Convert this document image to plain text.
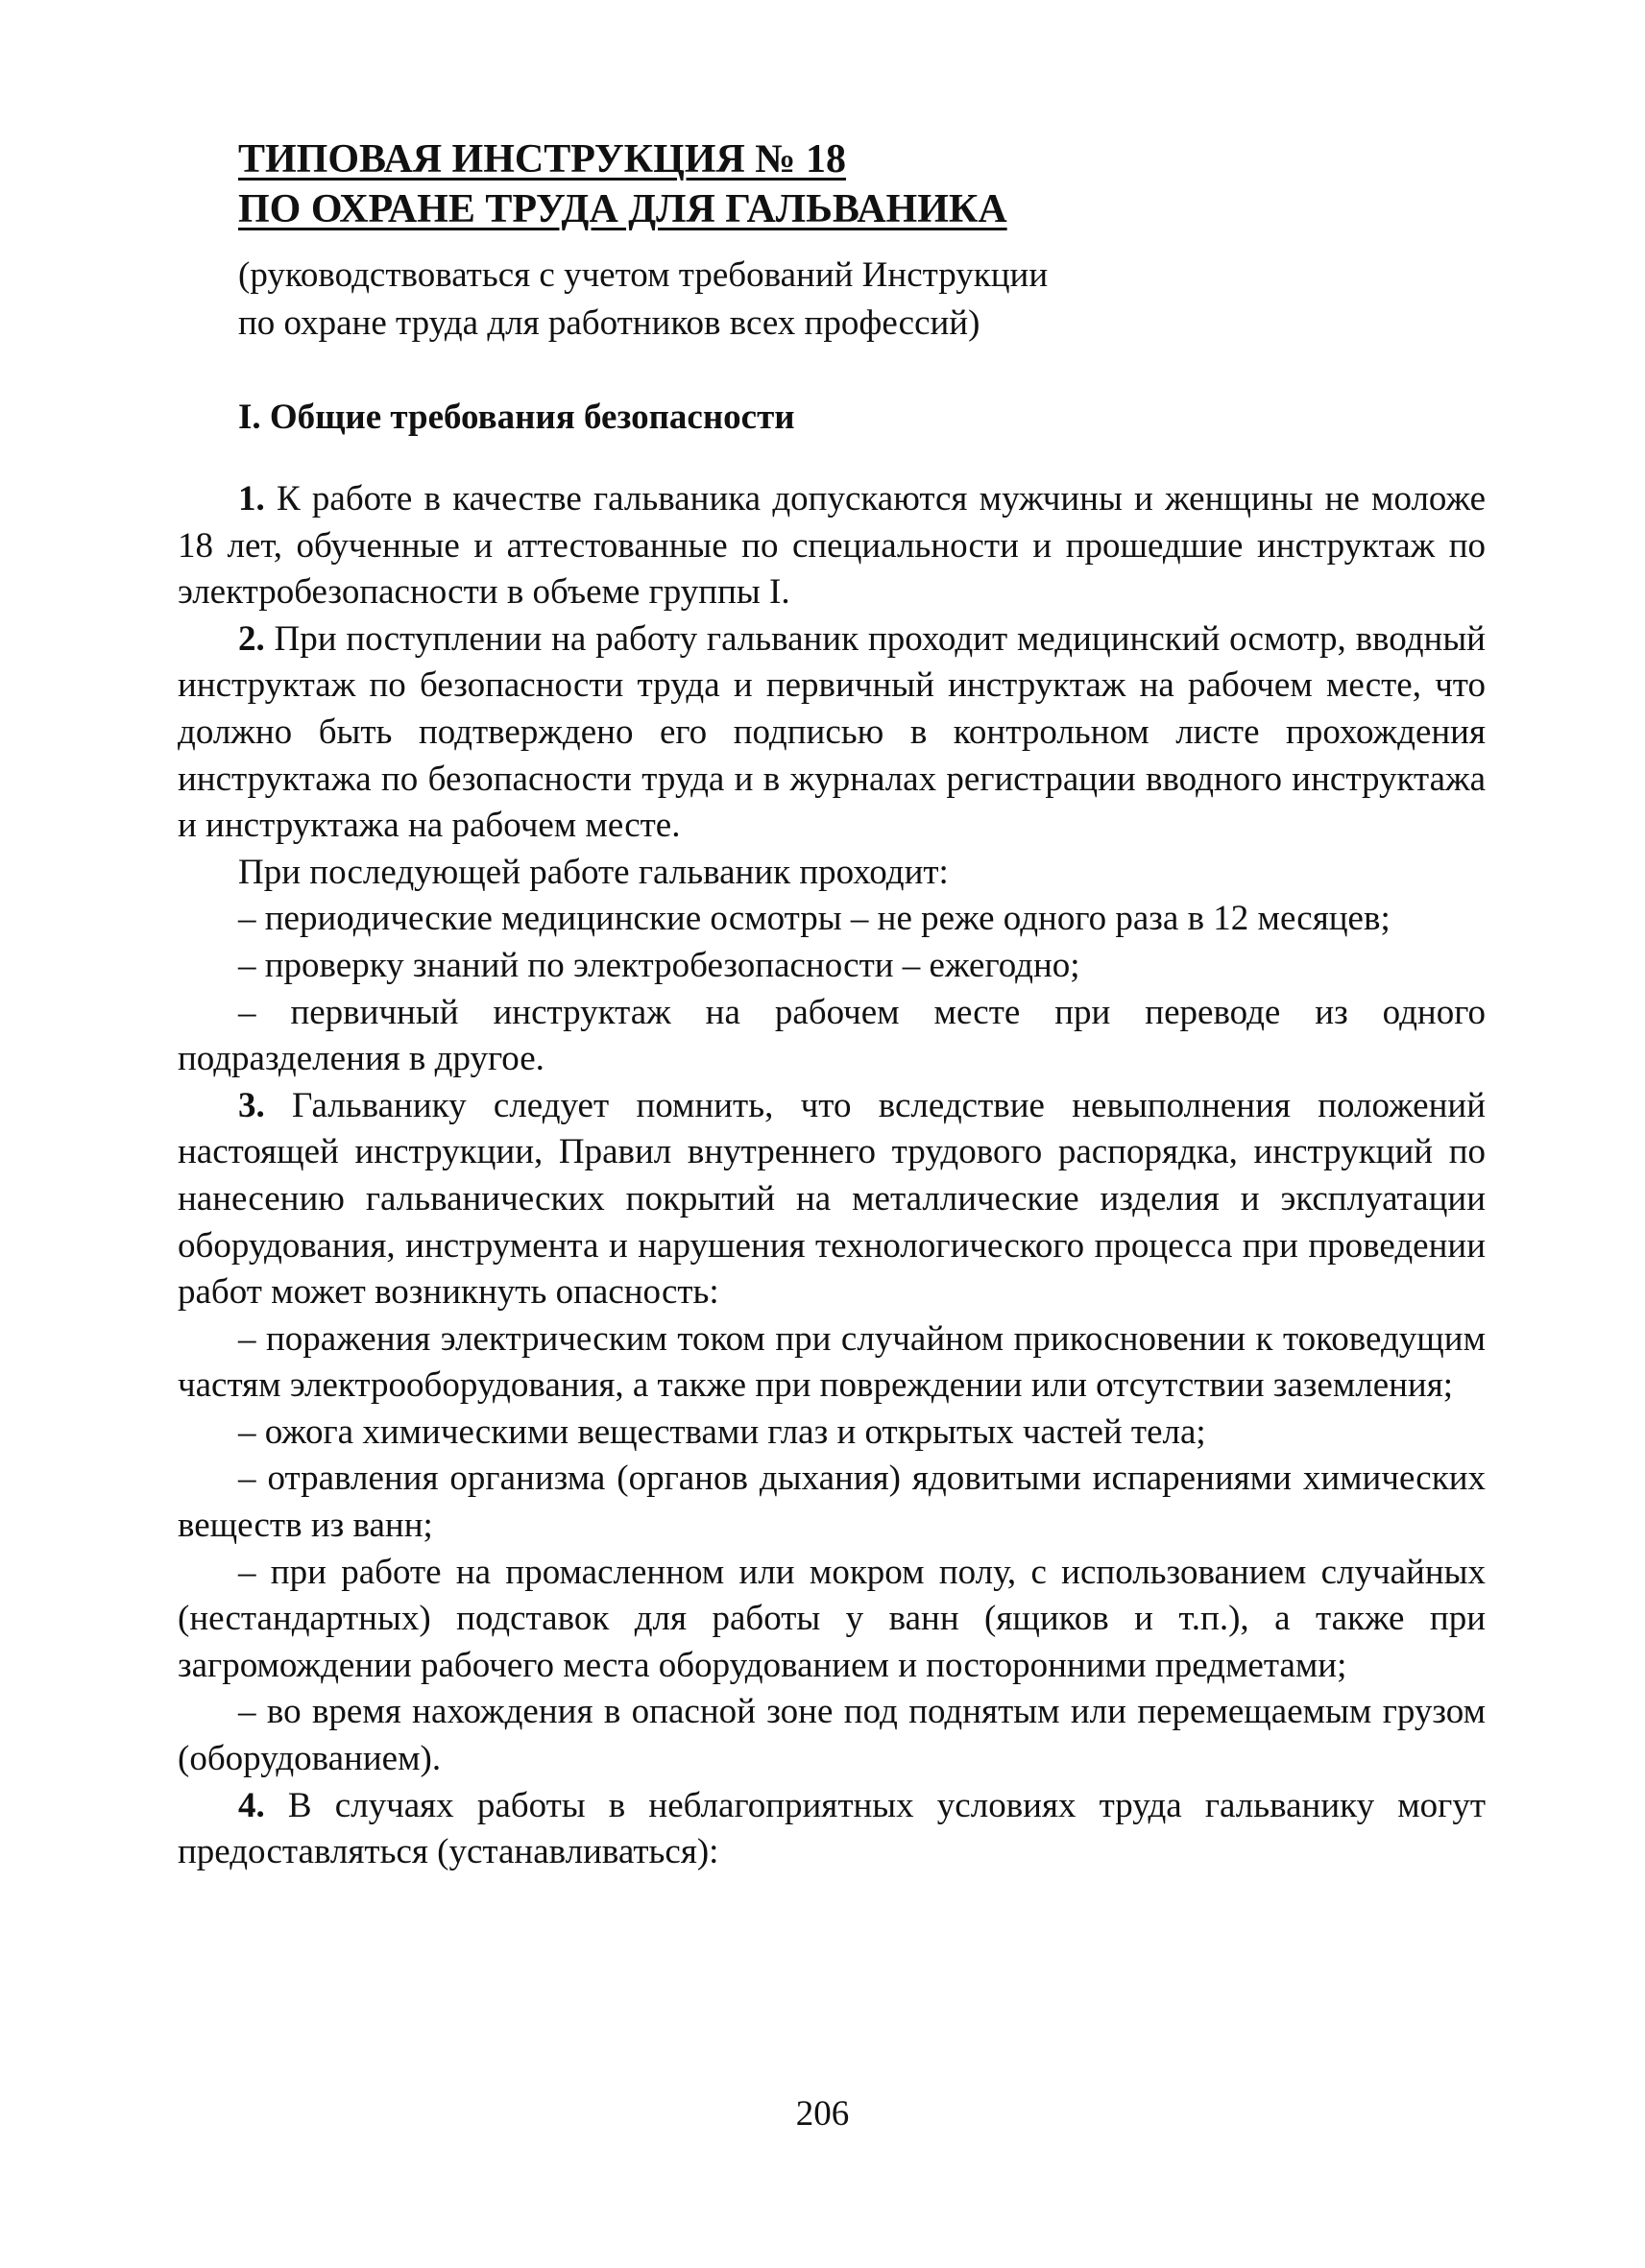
ТИПОВАЯ ИНСТРУКЦИЯ № 18
ПО ОХРАНЕ ТРУДА ДЛЯ ГАЛЬВАНИКА

(руководствоваться с учетом требований Инструкции
по охране труда для работников всех профессий)

I. Общие требования безопасности

1. К работе в качестве гальваника допускаются мужчины и женщины не моложе 18 лет, обученные и аттестованные по специальности и прошедшие инструктаж по электробезопасности в объеме группы I.

2. При поступлении на работу гальваник проходит медицинский осмотр, вводный инструктаж по безопасности труда и первичный инструктаж на рабочем месте, что должно быть подтверждено его подписью в контрольном листе прохождения инструктажа по безопасности труда и в журналах регистрации вводного инструктажа и инструктажа на рабочем месте.

При последующей работе гальваник проходит:

– периодические медицинские осмотры – не реже одного раза в 12 месяцев;

– проверку знаний по электробезопасности – ежегодно;

– первичный инструктаж на рабочем месте при переводе из одного подразделения в другое.

3. Гальванику следует помнить, что вследствие невыполнения положений настоящей инструкции, Правил внутреннего трудового распорядка, инструкций по нанесению гальванических покрытий на металлические изделия и эксплуатации оборудования, инструмента и нарушения технологического процесса при проведении работ может возникнуть опасность:

– поражения электрическим током при случайном прикосновении к токоведущим частям электрооборудования, а также при повреждении или отсутствии заземления;

– ожога химическими веществами глаз и открытых частей тела;

– отравления организма (органов дыхания) ядовитыми испарениями химических веществ из ванн;

– при работе на промасленном или мокром полу, с использованием случайных (нестандартных) подставок для работы у ванн (ящиков и т.п.), а также при загромождении рабочего места оборудованием и посторонними предметами;

– во время нахождения в опасной зоне под поднятым или перемещаемым грузом (оборудованием).

4. В случаях работы в неблагоприятных условиях труда гальванику могут предоставляться (устанавливаться):

206
